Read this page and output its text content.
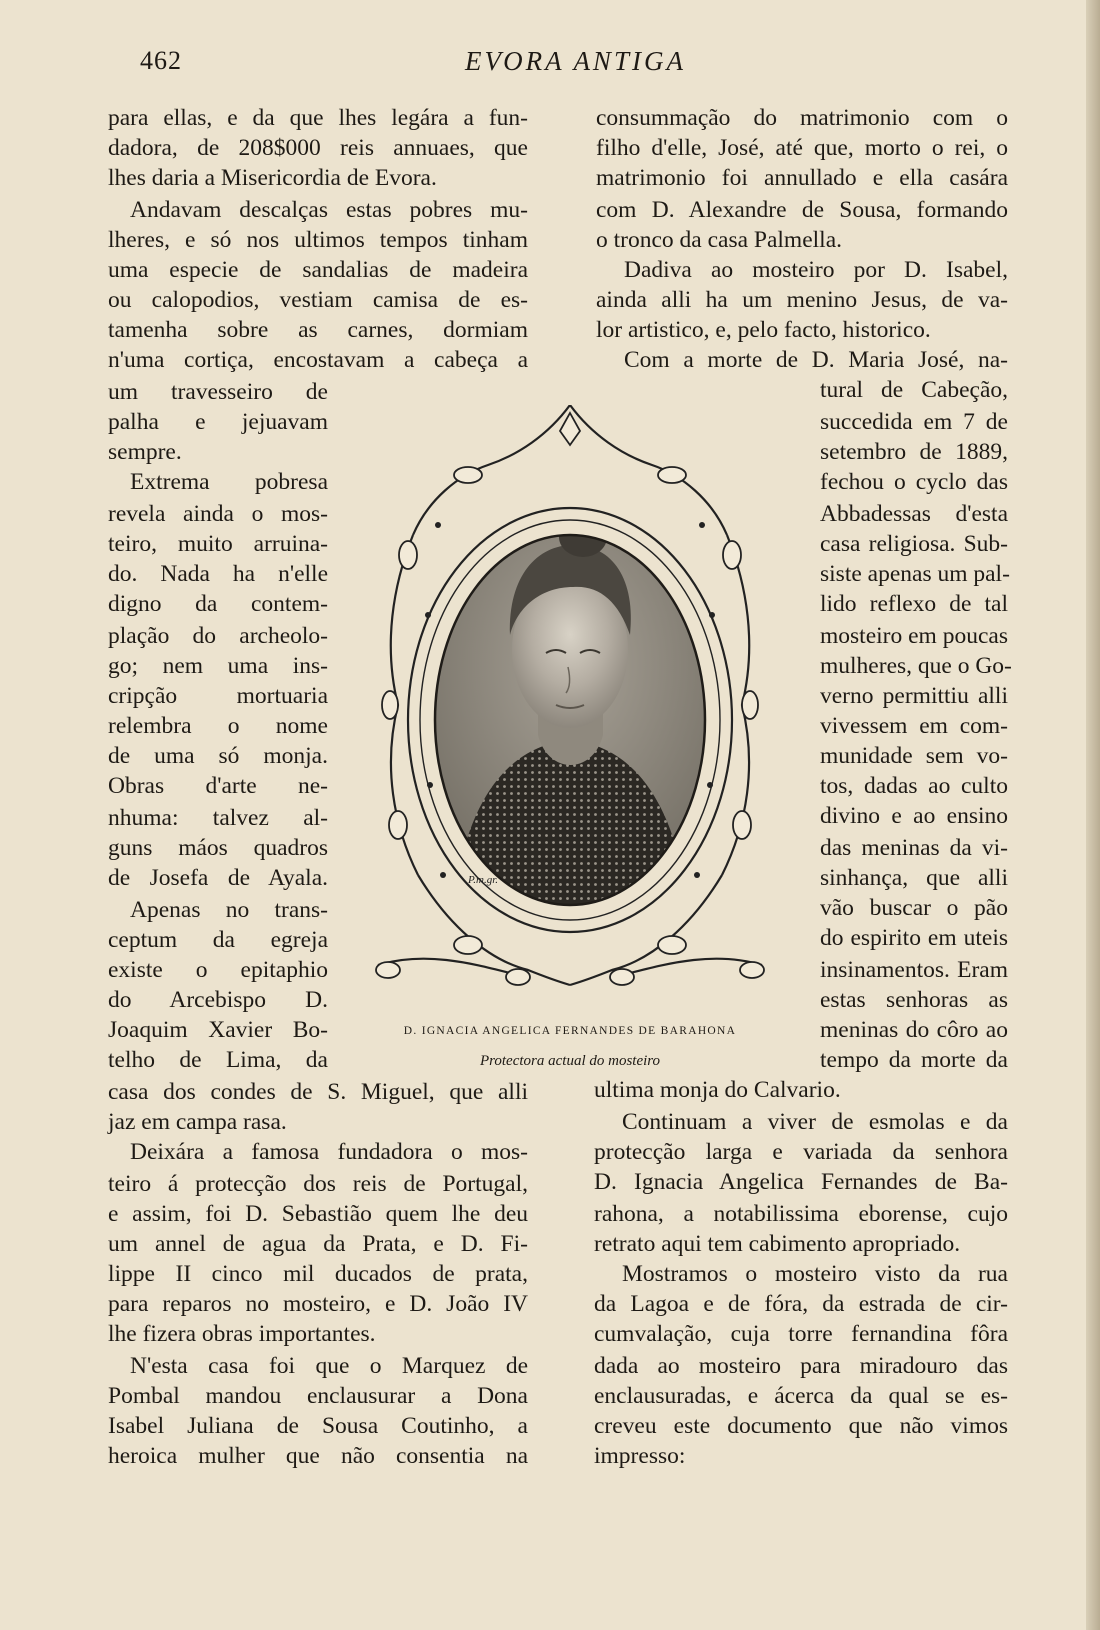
462	EVORA ANTIGA

para ellas, e da que lhes legára a fun-

dadora, de 208$000 reis annuaes, que

lhes daria a Misericordia de Evora.

Andavam descalças estas pobres mu-

lheres, e só nos ultimos tempos tinham

uma especie de sandalias de madeira

ou calopodios, vestiam camisa de es-

tamenha sobre as carnes, dormiam

n'uma cortiça, encostavam a cabeça a

um travesseiro de

palha e jejuavam

sempre.

Extrema pobresa

revela ainda o mos-

teiro, muito arruina-

do. Nada ha n'elle

digno da contem-

plação do archeolo-

go; nem uma ins-

cripção mortuaria

relembra o nome

de uma só monja.

Obras d'arte ne-

nhuma: talvez al-

guns máos quadros

de Josefa de Ayala.

Apenas no trans-

ceptum da egreja

existe o epitaphio

do Arcebispo D.

Joaquim Xavier Bo-

telho de Lima, da

casa dos condes de S. Miguel, que alli

jaz em campa rasa.

Deixára a famosa fundadora o mos-

teiro á protecção dos reis de Portugal,

e assim, foi D. Sebastião quem lhe deu

um annel de agua da Prata, e D. Fi-

lippe II cinco mil ducados de prata,

para reparos no mosteiro, e D. João IV

lhe fizera obras importantes.

N'esta casa foi que o Marquez de

Pombal mandou enclausurar a Dona

Isabel Juliana de Sousa Coutinho, a

heroica mulher que não consentia na

consummação do matrimonio com o

filho d'elle, José, até que, morto o rei, o

matrimonio foi annullado e ella casára

com D. Alexandre de Sousa, formando

o tronco da casa Palmella.

Dadiva ao mosteiro por D. Isabel,

ainda alli ha um menino Jesus, de va-

lor artistico, e, pelo facto, historico.

Com a morte de D. Maria José, na-

tural de Cabeção,

succedida em 7 de

setembro de 1889,

fechou o cyclo das

Abbadessas d'esta

casa religiosa. Sub-

siste apenas um pal-

lido reflexo de tal

mosteiro em poucas

mulheres, que o Go-

verno permittiu alli

vivessem em com-

munidade sem vo-

tos, dadas ao culto

divino e ao ensino

das meninas da vi-

sinhança, que alli

vão buscar o pão

do espirito em uteis

insinamentos. Eram

estas senhoras as

meninas do côro ao

tempo da morte da

ultima monja do Calvario.

Continuam a viver de esmolas e da

protecção larga e variada da senhora

D. Ignacia Angelica Fernandes de Ba-

rahona, a notabilissima eborense, cujo

retrato aqui tem cabimento apropriado.

Mostramos o mosteiro visto da rua

da Lagoa e de fóra, da estrada de cir-

cumvalação, cuja torre fernandina fôra

dada ao mosteiro para miradouro das

enclausuradas, e ácerca da qual se es-

creveu este documento que não vimos

impresso:

P.m.gr.
D. IGNACIA ANGELICA FERNANDES DE BARAHONA
Protectora actual do mosteiro
